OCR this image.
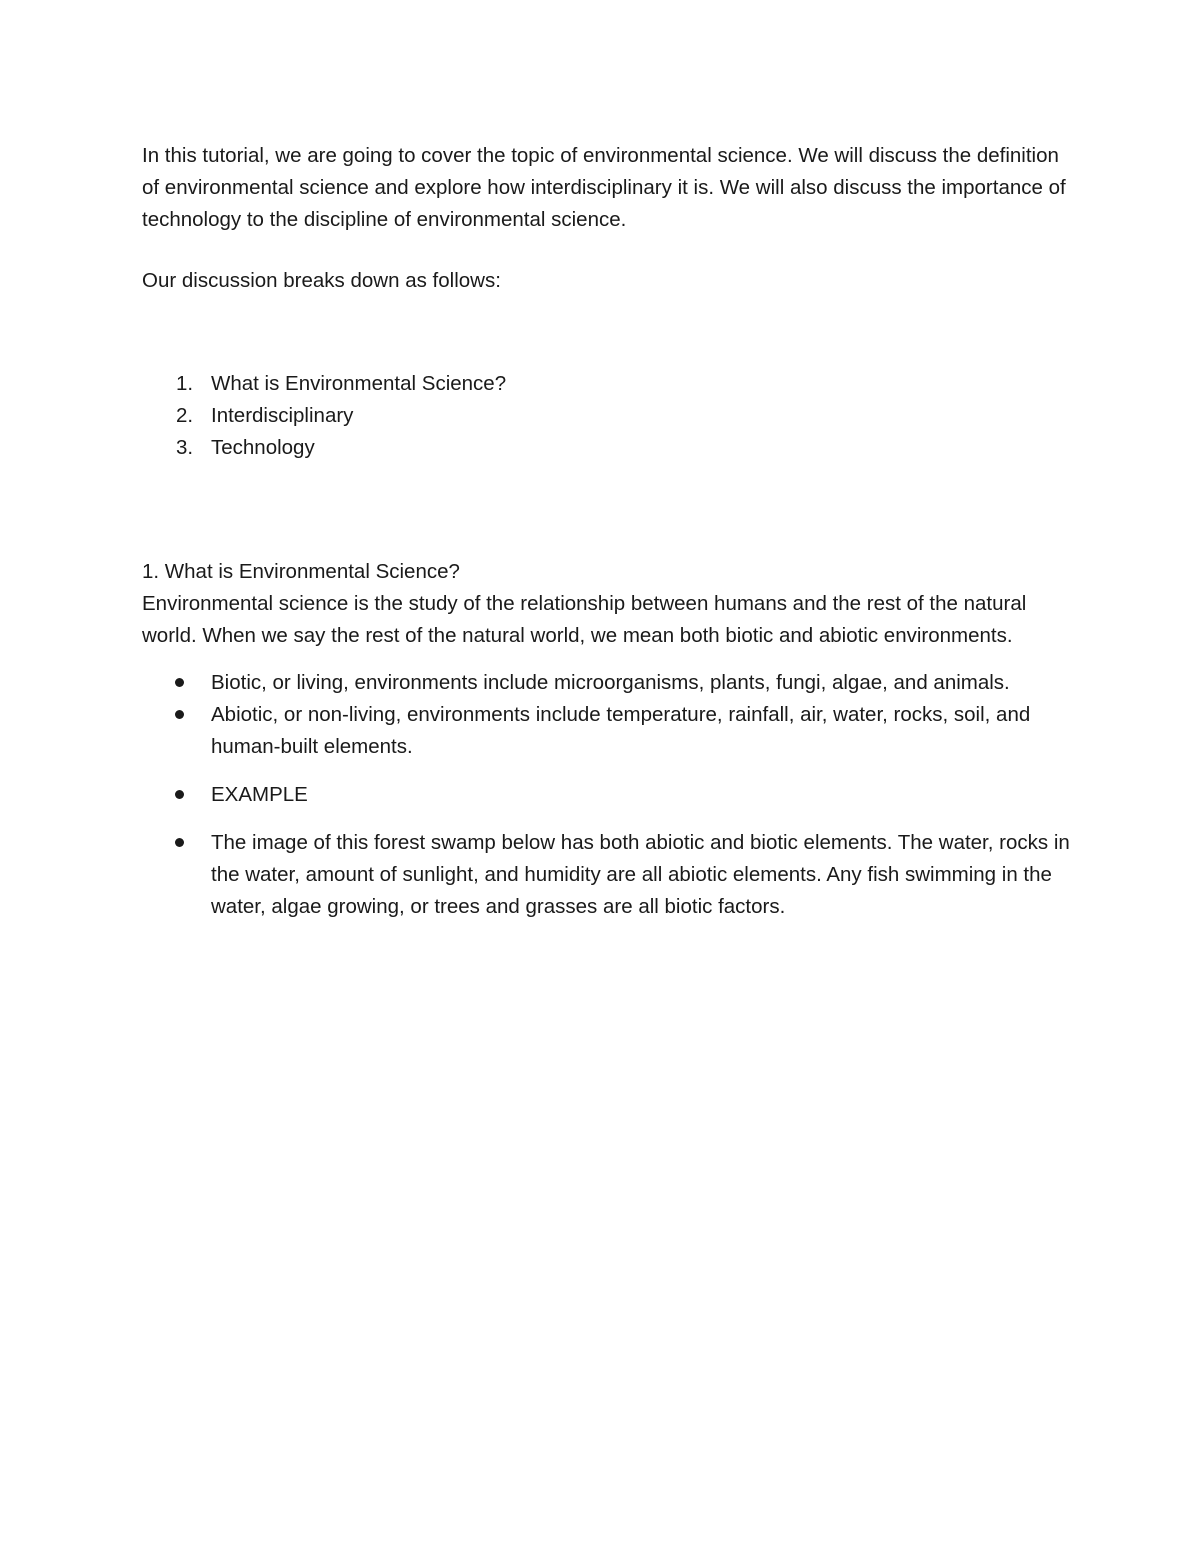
In this tutorial, we are going to cover the topic of environmental science. We will discuss the definition of environmental science and explore how interdisciplinary it is. We will also discuss the importance of technology to the discipline of environmental science.

Our discussion breaks down as follows:

1. What is Environmental Science?
2. Interdisciplinary
3. Technology

1. What is Environmental Science?

Environmental science is the study of the relationship between humans and the rest of the natural world. When we say the rest of the natural world, we mean both biotic and abiotic environments.

Biotic, or living, environments include microorganisms, plants, fungi, algae, and animals.
Abiotic, or non-living, environments include temperature, rainfall, air, water, rocks, soil, and human-built elements.
EXAMPLE
The image of this forest swamp below has both abiotic and biotic elements. The water, rocks in the water, amount of sunlight, and humidity are all abiotic elements. Any fish swimming in the water, algae growing, or trees and grasses are all biotic factors.
